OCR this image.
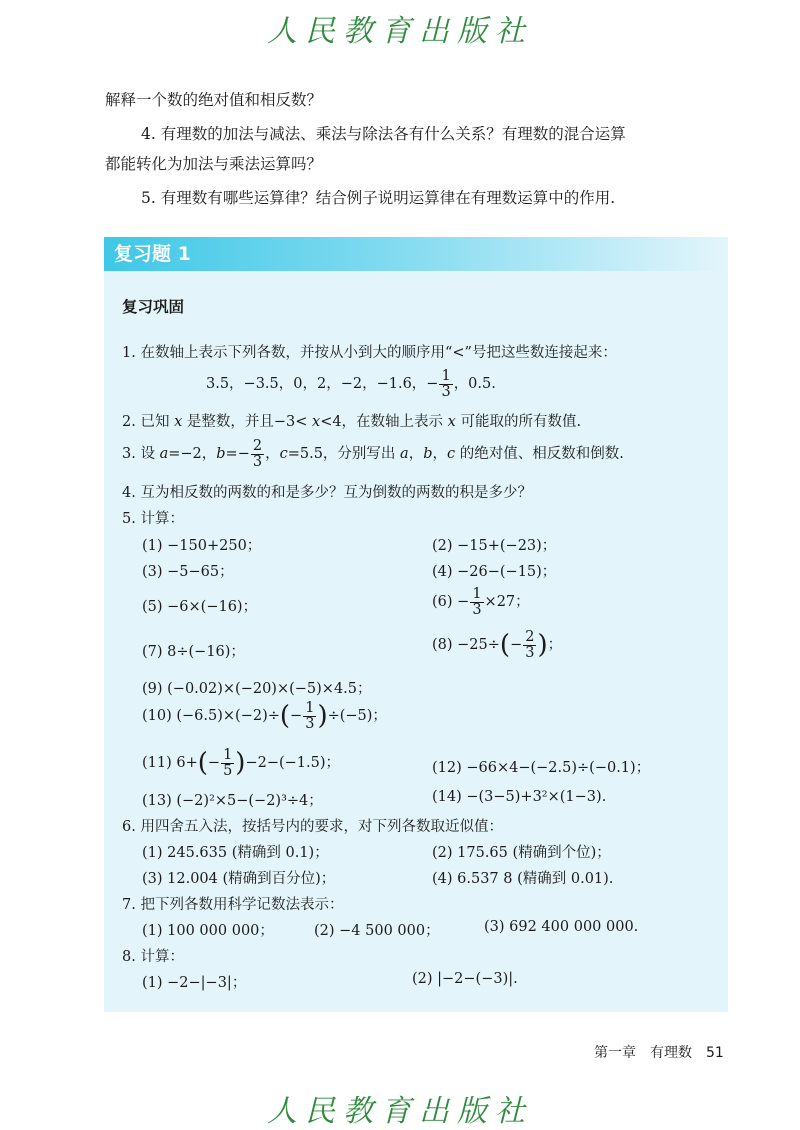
人民教育出版社
解释一个数的绝对值和相反数？
4. 有理数的加法与减法、乘法与除法各有什么关系？有理数的混合运算
都能转化为加法与乘法运算吗？
5. 有理数有哪些运算律？结合例子说明运算律在有理数运算中的作用.
复习题 1
复习巩固
1. 在数轴上表示下列各数，并按从小到大的顺序用“<”号把这些数连接起来：
3.5，−3.5，0，2，−2，−1.6，− $\frac{1}{3}$ ，0.5.
2. 已知 x 是整数，并且−3< x<4，在数轴上表示 x 可能取的所有数值.
3. 设 a=−2，$b=- \frac{2}{3}$ ，c=5.5，分别写出 a，b，c 的绝对值、相反数和倒数.
4. 互为相反数的两数的和是多少？互为倒数的两数的积是多少？
5. 计算：
(1) −150+250；	(2) −15+(−23)；
(3) −5−65；	(4) −26−(−15)；
(5) −6×(−16)；	$(6) - \frac{1}{3} \times 27$；
(7) 8÷(−16)；	$(8) -25\div(- \frac{2}{3}$ )；
(9) (−0.02)×(−20)×(−5)×4.5；
(10) $(-6.5)\times(-2)\div(- \frac{1}{3} )\div(-5)$；
(11) $6+(- \frac{1}{5} )-2-(-1.5)$；	(12) −66×4−(−2.5)÷(−0.1)；
(13) (−2)²×5−(−2)³÷4；	(14) −(3−5)+3²×(1−3).
6. 用四舍五入法，按括号内的要求，对下列各数取近似值：
(1) 245.635 (精确到 0.1)；	(2) 175.65 (精确到个位)；
(3) 12.004 (精确到百分位)；	(4) 6.537 8 (精确到 0.01).
7. 把下列各数用科学记数法表示：
(1) 100 000 000；	(2) −4 500 000；	(3) 692 400 000 000.
8. 计算：
(1) −2−|−3|；	(2) |−2−(−3)|.
第一章　有理数　51
人民教育出版社
